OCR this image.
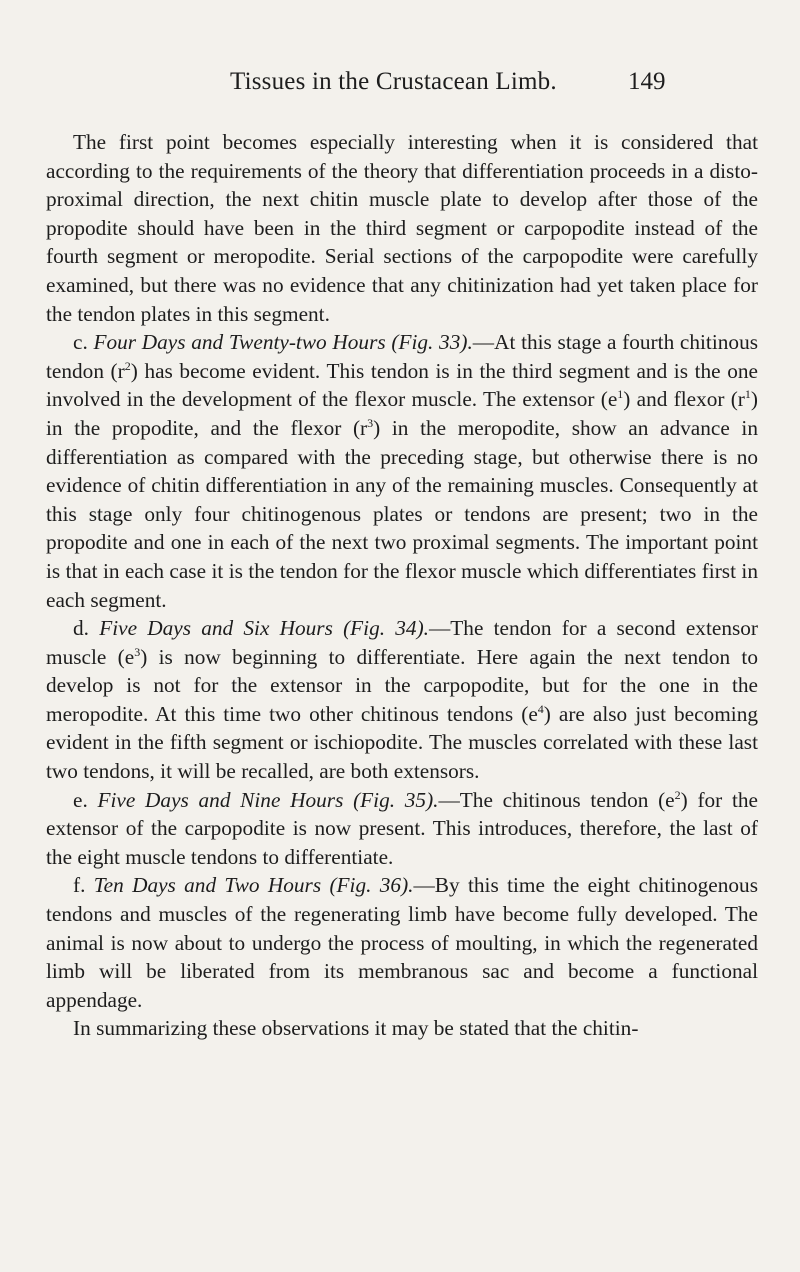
Tissues in the Crustacean Limb.	149

The first point becomes especially interesting when it is considered that according to the requirements of the theory that differentiation proceeds in a disto-proximal direction, the next chitin muscle plate to develop after those of the propodite should have been in the third segment or carpopodite instead of the fourth segment or meropodite. Serial sections of the carpopodite were carefully examined, but there was no evidence that any chitinization had yet taken place for the tendon plates in this segment.

c. Four Days and Twenty-two Hours (Fig. 33).—At this stage a fourth chitinous tendon $(r^2)$ has become evident. This tendon is in the third segment and is the one involved in the development of the flexor muscle. The extensor $(e^1)$ and flexor $(r^1)$ in the propodite, and the flexor $(r^3)$ in the meropodite, show an advance in differentiation as compared with the preceding stage, but otherwise there is no evidence of chitin differentiation in any of the remaining muscles. Consequently at this stage only four chitinogenous plates or tendons are present; two in the propodite and one in each of the next two proximal segments. The important point is that in each case it is the tendon for the flexor muscle which differentiates first in each segment.

d. Five Days and Six Hours (Fig. 34).—The tendon for a second extensor muscle $(e^3)$ is now beginning to differentiate. Here again the next tendon to develop is not for the extensor in the carpopodite, but for the one in the meropodite. At this time two other chitinous tendons $(e^4)$ are also just becoming evident in the fifth segment or ischiopodite. The muscles correlated with these last two tendons, it will be recalled, are both extensors.

e. Five Days and Nine Hours (Fig. 35).—The chitinous tendon $(e^2)$ for the extensor of the carpopodite is now present. This introduces, therefore, the last of the eight muscle tendons to differentiate.

f. Ten Days and Two Hours (Fig. 36).—By this time the eight chitinogenous tendons and muscles of the regenerating limb have become fully developed. The animal is now about to undergo the process of moulting, in which the regenerated limb will be liberated from its membranous sac and become a functional appendage.

In summarizing these observations it may be stated that the chitin-
